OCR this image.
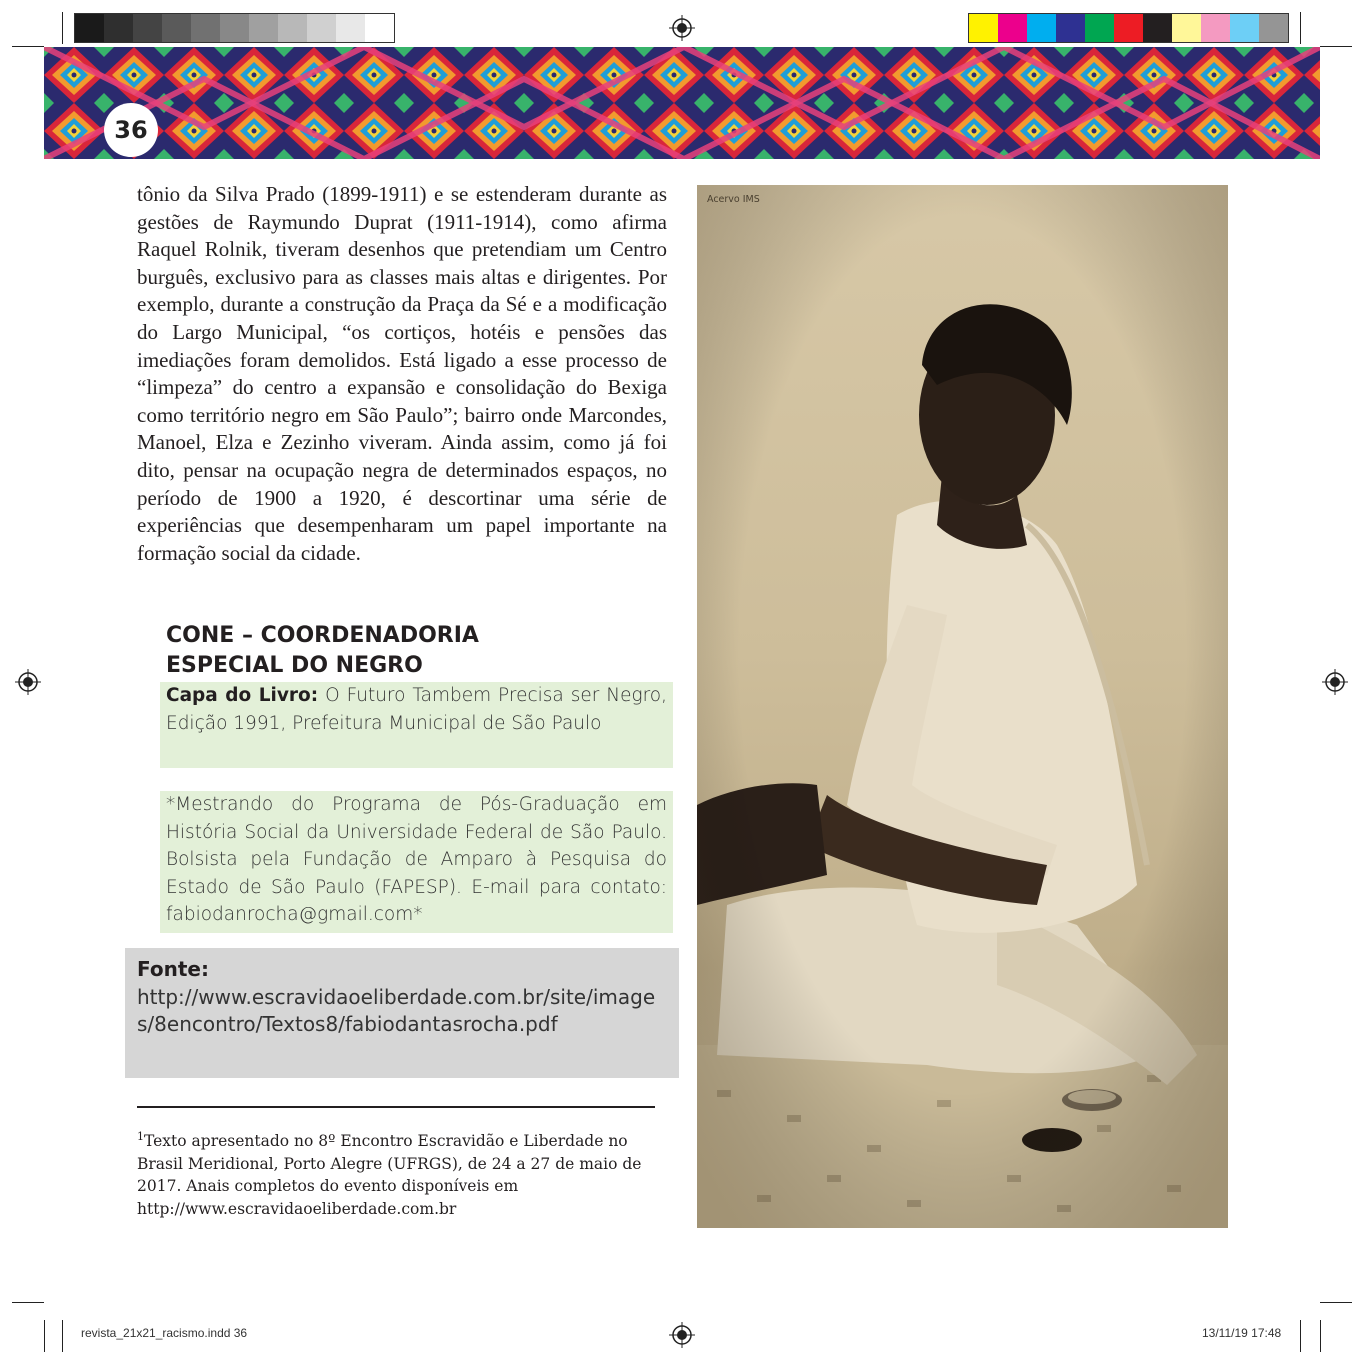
36

tônio da Silva Prado (1899-1911) e se estenderam durante as gestões de Raymundo Duprat (1911-1914), como afirma Raquel Rolnik, tiveram desenhos que pretendiam um Centro burguês, exclusivo para as classes mais altas e dirigentes. Por exemplo, durante a construção da Praça da Sé e a modificação do Largo Municipal, “os cortiços, hotéis e pensões das imediações foram demolidos. Está ligado a esse processo de “limpeza” do centro a expansão e consolidação do Bexiga como território negro em São Paulo”; bairro onde Marcondes, Manoel, Elza e Zezinho viveram. Ainda assim, como já foi dito, pensar na ocupação negra de determinados espaços, no período de 1900 a 1920, é descortinar uma série de experiências que desempenharam um papel importante na formação social da cidade.

CONE – COORDENADORIA
ESPECIAL DO NEGRO
Capa do Livro: O Futuro Tambem Precisa ser Negro, Edição 1991, Prefeitura Municipal de São Paulo
*Mestrando do Programa de Pós-Graduação em História Social da Universidade Federal de São Paulo. Bolsista pela Fundação de Amparo à Pesquisa do Estado de São Paulo (FAPESP). E-mail para contato: fabiodanrocha@gmail.com*
Fonte:
http://www.escravidaoeliberdade.com.br/site/images/8encontro/Textos8/fabiodantasrocha.pdf

$^1$Texto apresentado no 8º Encontro Escravidão e Liberdade no Brasil Meridional, Porto Alegre (UFRGS), de 24 a 27 de maio de 2017. Anais completos do evento disponíveis em http://www.escravidaoeliberdade.com.br

Acervo IMS
revista_21x21_racismo.indd 36	13/11/19 17:48
